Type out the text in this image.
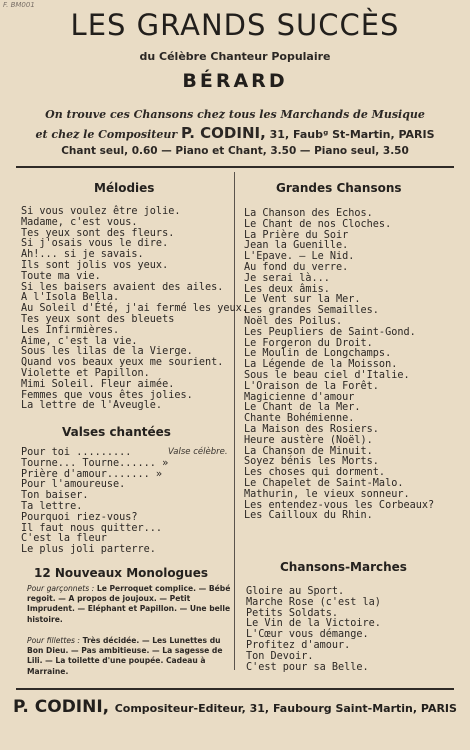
F. BM001
LES GRANDS SUCCÈS
du Célèbre Chanteur Populaire
BÉRARD
On trouve ces Chansons chez tous les Marchands de Musique
et chez le Compositeur P. CODINI, 31, Faubᵍ St-Martin, PARIS
Chant seul, 0.60 — Piano et Chant, 3.50 — Piano seul, 3.50
Mélodies
Si vous voulez être jolie.
Madame, c'est vous.
Tes yeux sont des fleurs.
Si j'osais vous le dire.
Ah!... si je savais.
Ils sont jolis vos yeux.
Toute ma vie.
Si les baisers avaient des ailes.
A l'Isola Bella.
Au Soleil d'Été, j'ai fermé les yeux.
Tes yeux sont des bleuets
Les Infirmières.
Aime, c'est la vie.
Sous les lilas de la Vierge.
Quand vos beaux yeux me sourient.
Violette et Papillon.
Mimi Soleil. Fleur aimée.
Femmes que vous êtes jolies.
La lettre de l'Aveugle.
Valses chantées
Valse célèbre.
Pour toi .........
Tourne... Tourne...... »
Prière d'amour....... »
Pour l'amoureuse.
Ton baiser.
Ta lettre.
Pourquoi riez-vous?
Il faut nous quitter...
C'est la fleur
Le plus joli parterre.
12 Nouveaux Monologues
Pour garçonnets : Le Perroquet complice. — Bébé regoit. — A propos de joujoux. — Petit Imprudent. — Eléphant et Papillon. — Une belle histoire.
Pour fillettes : Très décidée. — Les Lunettes du Bon Dieu. — Pas ambitieuse. — La sagesse de Lili. — La toilette d'une poupée. Cadeau à Marraine.
Grandes Chansons
La Chanson des Echos.
Le Chant de nos Cloches.
La Prière du Soir
Jean la Guenille.
L'Epave. — Le Nid.
Au fond du verre.
Je serai là...
Les deux âmis.
Le Vent sur la Mer.
Les grandes Semailles.
Noël des Poilus.
Les Peupliers de Saint-Gond.
Le Forgeron du Droit.
Le Moulin de Longchamps.
La Légende de la Moisson.
Sous le beau ciel d'Italie.
L'Oraison de la Forêt.
Magicienne d'amour
Le Chant de la Mer.
Chante Bohémienne.
La Maison des Rosiers.
Heure austère (Noël).
La Chanson de Minuit.
Soyez bénis les Morts.
Les choses qui dorment.
Le Chapelet de Saint-Malo.
Mathurin, le vieux sonneur.
Les entendez-vous les Corbeaux?
Les Cailloux du Rhin.
Chansons-Marches
Gloire au Sport.
Marche Rose (c'est la)
Petits Soldats.
Le Vin de la Victoire.
L'Cœur vous démange.
Profitez d'amour.
Ton Devoir.
C'est pour sa Belle.
P. CODINI, Compositeur-Editeur, 31, Faubourg Saint-Martin, PARIS
